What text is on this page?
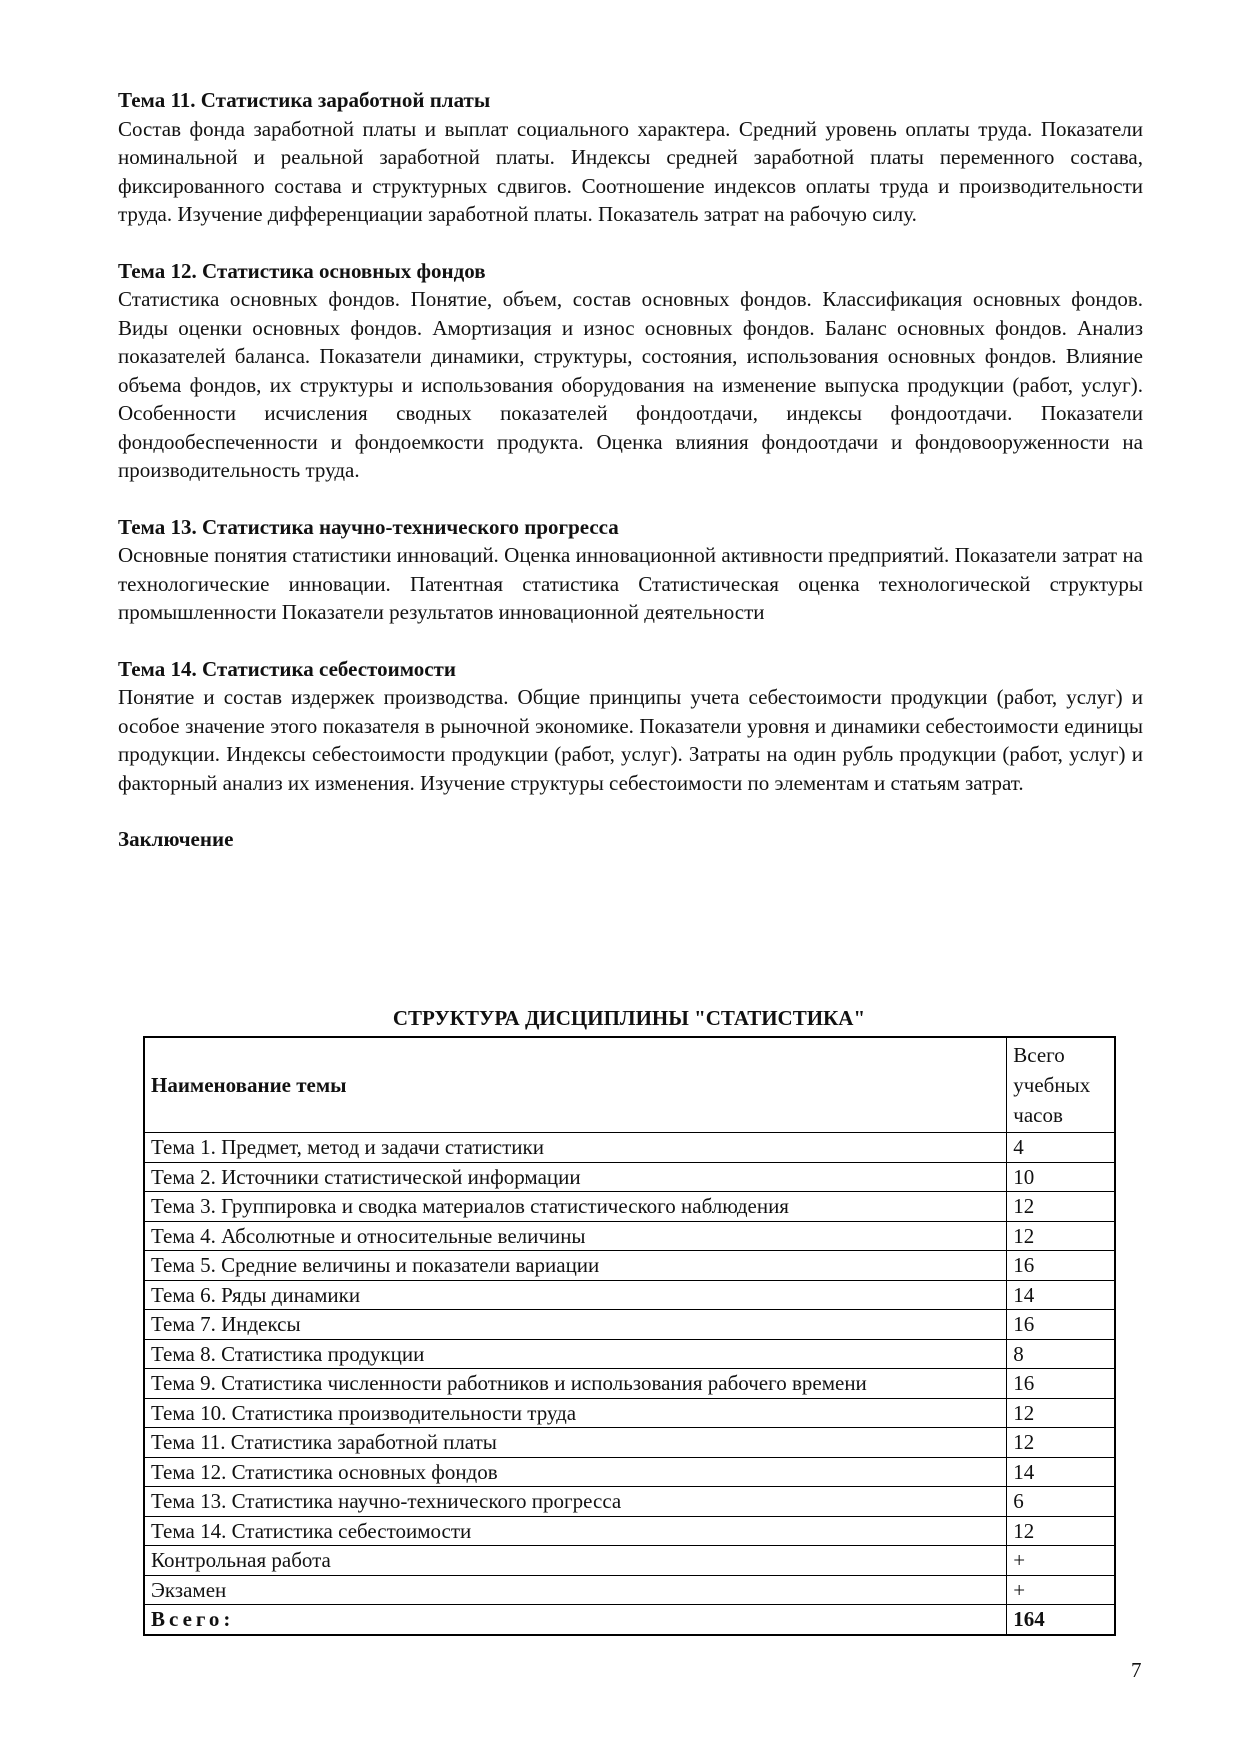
Тема 11. Статистика заработной платы

Состав фонда заработной платы и выплат социального характера. Средний уровень оплаты труда. Показатели номинальной и реальной заработной платы. Индексы средней заработной платы переменного состава, фиксированного состава и структурных сдвигов. Соотношение индексов оплаты труда и производительности труда. Изучение дифференциации заработной платы. Показатель затрат на рабочую силу.

Тема 12. Статистика основных фондов

Статистика основных фондов. Понятие, объем, состав основных фондов. Классификация основных фондов. Виды оценки основных фондов. Амортизация и износ основных фондов. Баланс основных фондов. Анализ показателей баланса. Показатели динамики, структуры, состояния, использования основных фондов. Влияние объема фондов, их структуры и использования оборудования на изменение выпуска продукции (работ, услуг). Особенности исчисления сводных показателей фондоотдачи, индексы фондоотдачи. Показатели фондообеспеченности и фондоемкости продукта. Оценка влияния фондоотдачи и фондовооруженности на производительность труда.

Тема 13. Статистика научно-технического прогресса

Основные понятия статистики инноваций. Оценка инновационной активности предприятий. Показатели затрат на технологические инновации. Патентная статистика Статистическая оценка технологической структуры промышленности Показатели результатов инновационной деятельности

Тема 14. Статистика себестоимости

Понятие и состав издержек производства. Общие принципы учета себестоимости продукции (работ, услуг) и особое значение этого показателя в рыночной экономике. Показатели уровня и динамики себестоимости единицы продукции. Индексы себестоимости продукции (работ, услуг). Затраты на один рубль продукции (работ, услуг) и факторный анализ их изменения. Изучение структуры себестоимости по элементам и статьям затрат.

Заключение

СТРУКТУРА ДИСЦИПЛИНЫ "СТАТИСТИКА"
Наименование темы	Всего учебных часов
Тема 1. Предмет, метод и задачи статистики	4
Тема 2. Источники статистической информации	10
Тема 3. Группировка и сводка материалов статистического наблюдения	12
Тема 4. Абсолютные и относительные величины	12
Тема 5. Средние величины и показатели вариации	16
Тема 6. Ряды динамики	14
Тема 7. Индексы	16
Тема 8. Статистика продукции	8
Тема 9. Статистика численности работников и использования рабочего времени	16
Тема 10. Статистика производительности труда	12
Тема 11. Статистика заработной платы	12
Тема 12. Статистика основных фондов	14
Тема 13. Статистика научно-технического прогресса	6
Тема 14. Статистика себестоимости	12
Контрольная работа	+
Экзамен	+
Всего:	164
7
